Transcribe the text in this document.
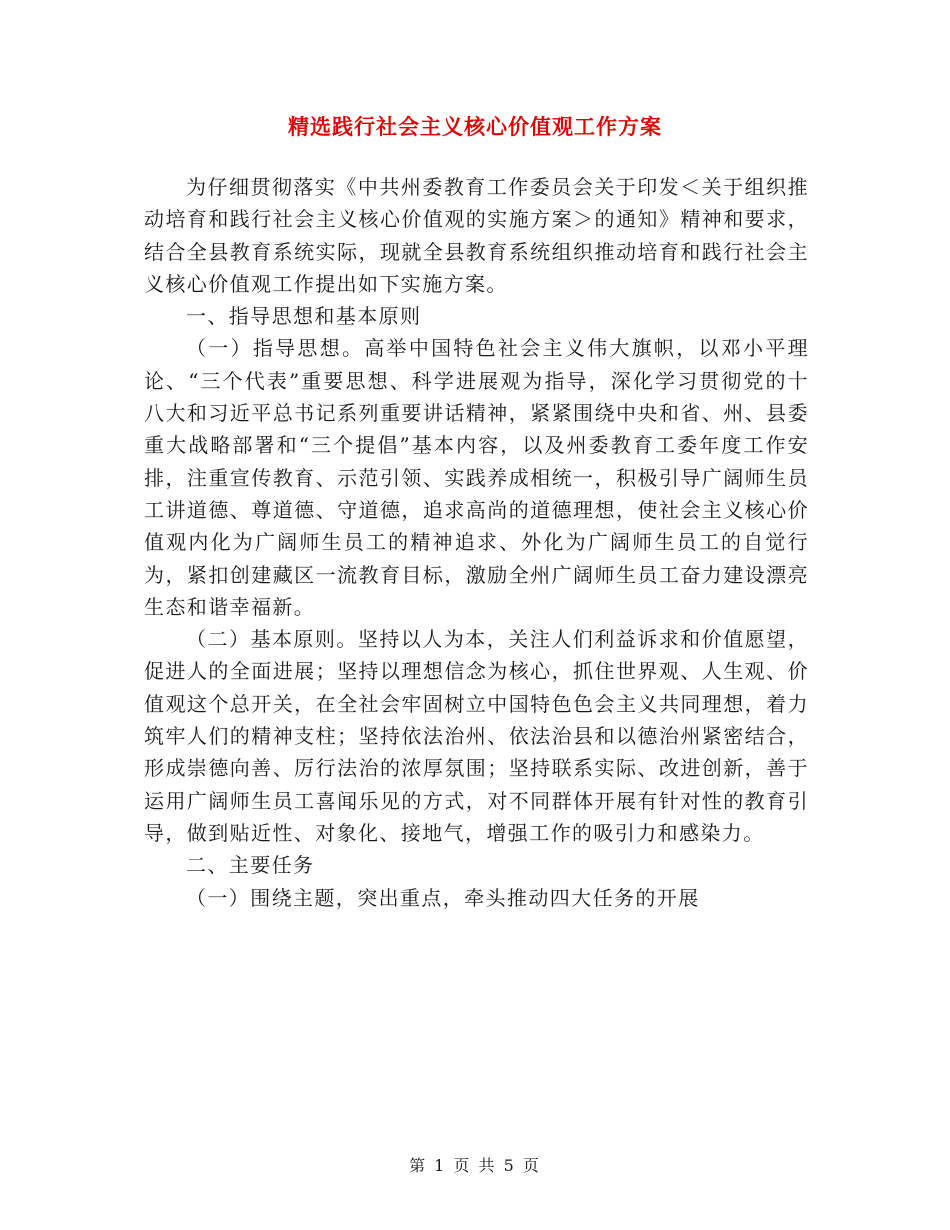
精选践行社会主义核心价值观工作方案

为仔细贯彻落实《中共州委教育工作委员会关于印发＜关于组织推动培育和践行社会主义核心价值观的实施方案＞的通知》精神和要求，结合全县教育系统实际，现就全县教育系统组织推动培育和践行社会主义核心价值观工作提出如下实施方案。

一、指导思想和基本原则

（一）指导思想。高举中国特色社会主义伟大旗帜，以邓小平理论、“三个代表”重要思想、科学进展观为指导，深化学习贯彻党的十八大和习近平总书记系列重要讲话精神，紧紧围绕中央和省、州、县委重大战略部署和“三个提倡”基本内容，以及州委教育工委年度工作安排，注重宣传教育、示范引领、实践养成相统一，积极引导广阔师生员工讲道德、尊道德、守道德，追求高尚的道德理想，使社会主义核心价值观内化为广阔师生员工的精神追求、外化为广阔师生员工的自觉行为，紧扣创建藏区一流教育目标，激励全州广阔师生员工奋力建设漂亮生态和谐幸福新。

（二）基本原则。坚持以人为本，关注人们利益诉求和价值愿望，促进人的全面进展；坚持以理想信念为核心，抓住世界观、人生观、价值观这个总开关，在全社会牢固树立中国特色色会主义共同理想，着力筑牢人们的精神支柱；坚持依法治州、依法治县和以德治州紧密结合，形成崇德向善、厉行法治的浓厚氛围；坚持联系实际、改进创新，善于运用广阔师生员工喜闻乐见的方式，对不同群体开展有针对性的教育引导，做到贴近性、对象化、接地气，增强工作的吸引力和感染力。

二、主要任务

（一）围绕主题，突出重点，牵头推动四大任务的开展

第 1 页 共 5 页
